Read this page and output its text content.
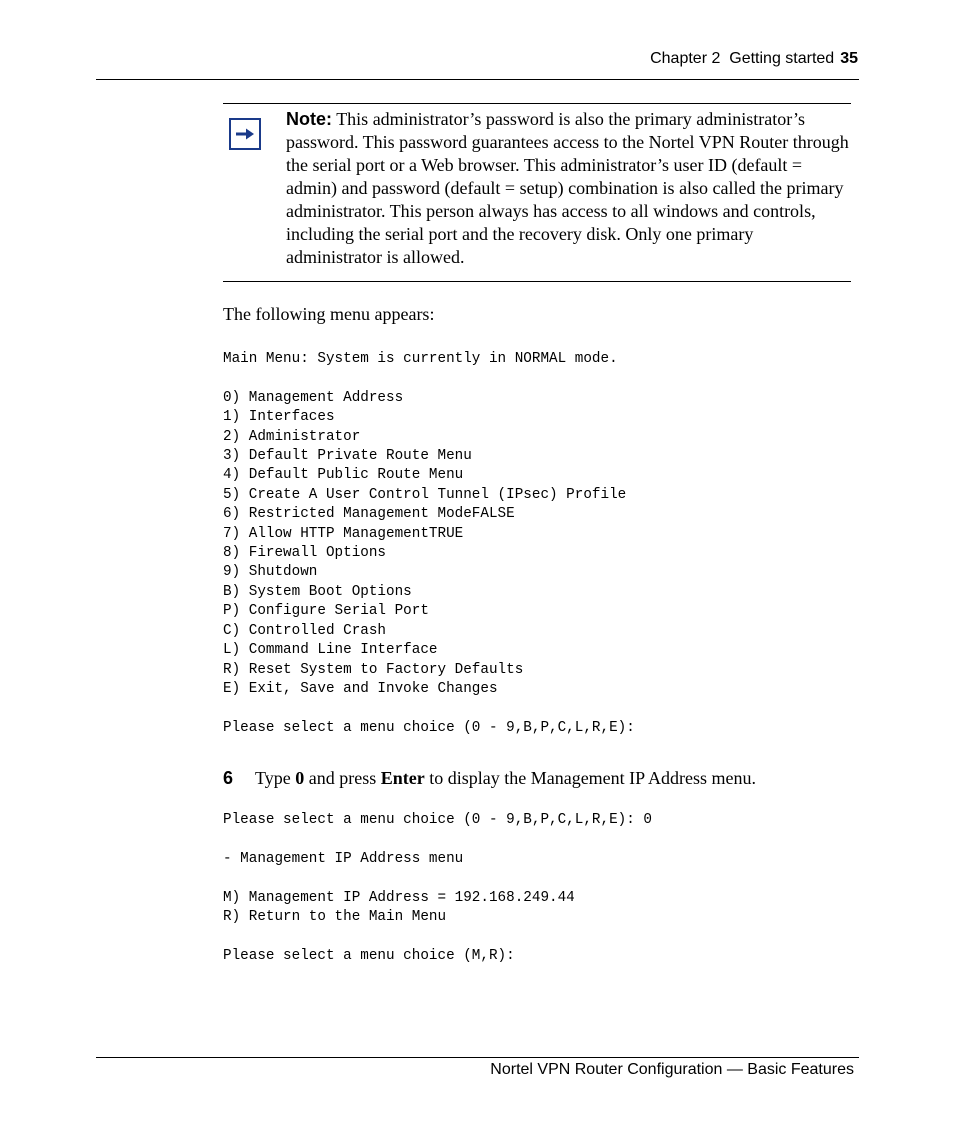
Chapter 2 Getting started 35
Note: This administrator’s password is also the primary administrator’s password. This password guarantees access to the Nortel VPN Router through the serial port or a Web browser. This administrator’s user ID (default = admin) and password (default = setup) combination is also called the primary administrator. This person always has access to all windows and controls, including the serial port and the recovery disk. Only one primary administrator is allowed.
The following menu appears:
Main Menu: System is currently in NORMAL mode.

0) Management Address
1) Interfaces
2) Administrator
3) Default Private Route Menu
4) Default Public Route Menu
5) Create A User Control Tunnel (IPsec) Profile
6) Restricted Management ModeFALSE
7) Allow HTTP ManagementTRUE
8) Firewall Options
9) Shutdown
B) System Boot Options
P) Configure Serial Port
C) Controlled Crash
L) Command Line Interface
R) Reset System to Factory Defaults
E) Exit, Save and Invoke Changes

Please select a menu choice (0 - 9,B,P,C,L,R,E):
6 Type 0 and press Enter to display the Management IP Address menu.
Please select a menu choice (0 - 9,B,P,C,L,R,E): 0

- Management IP Address menu

M) Management IP Address = 192.168.249.44
R) Return to the Main Menu

Please select a menu choice (M,R):
Nortel VPN Router Configuration — Basic Features
